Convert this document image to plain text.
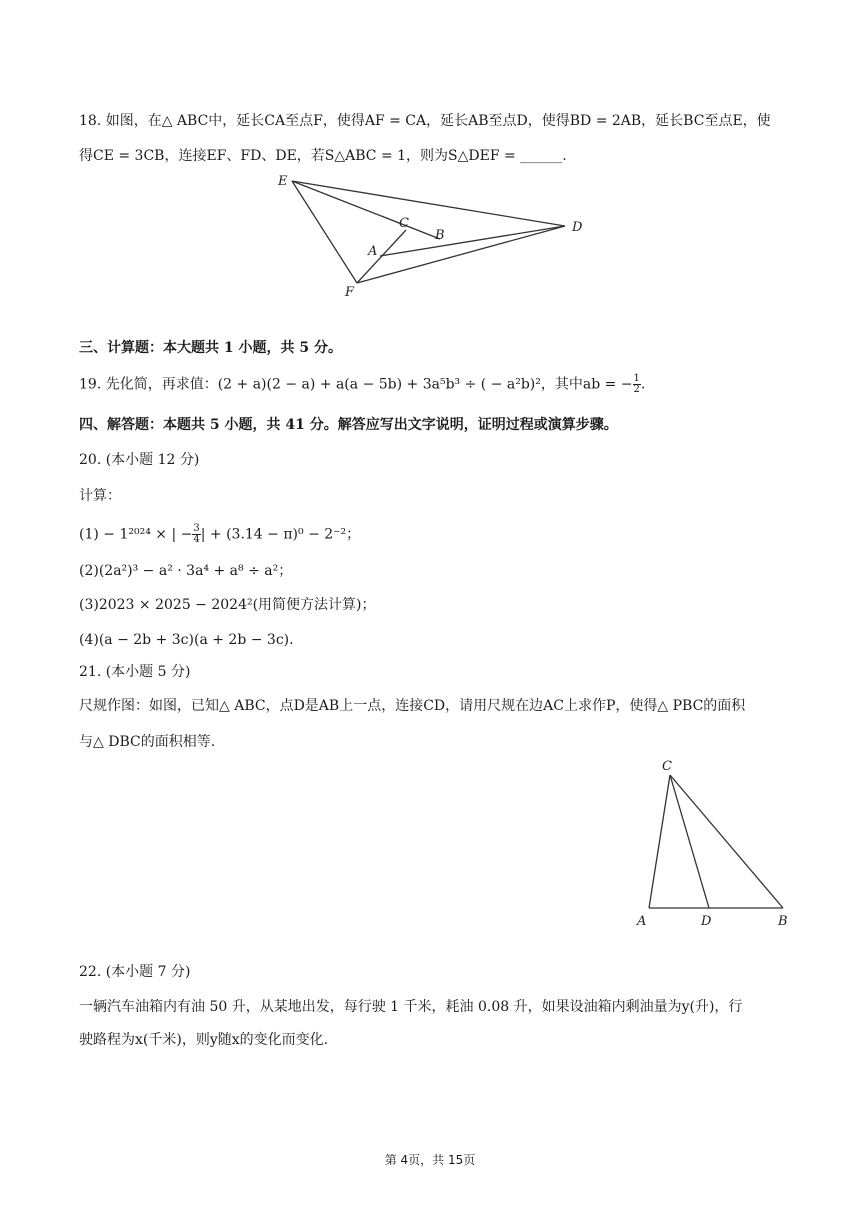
18. 如图，在△ ABC中，延长CA至点F，使得AF = CA，延长AB至点D，使得BD = 2AB，延长BC至点E，使
得CE = 3CB，连接EF、FD、DE，若S△ABC = 1，则为S△DEF = ______.
E
C
B
A
D
F
三、计算题：本大题共 1 小题，共 5 分。
19. 先化简，再求值：(2 + a)(2 − a) + a(a − 5b) + 3a⁵b³ ÷ ( − a²b)²，其中ab = − $\frac{1}{2}$ .
四、解答题：本题共 5 小题，共 41 分。解答应写出文字说明，证明过程或演算步骤。
20. (本小题 12 分)
计算：
(1) − 1²⁰²⁴ × | − $\frac{3}{4}$ | + (3.14 − π)⁰ − 2⁻²；
(2)(2a²)³ − a² · 3a⁴ + a⁸ ÷ a²；
(3)2023 × 2025 − 2024²(用简便方法计算)；
(4)(a − 2b + 3c)(a + 2b − 3c).
21. (本小题 5 分)
尺规作图：如图，已知△ ABC，点D是AB上一点，连接CD，请用尺规在边AC上求作P，使得△ PBC的面积
与△ DBC的面积相等.
C
A	D	B
22. (本小题 7 分)
一辆汽车油箱内有油 50 升，从某地出发，每行驶 1 千米，耗油 0.08 升，如果设油箱内剩油量为y(升)，行
驶路程为x(千米)，则y随x的变化而变化.
第 4页，共 15页
